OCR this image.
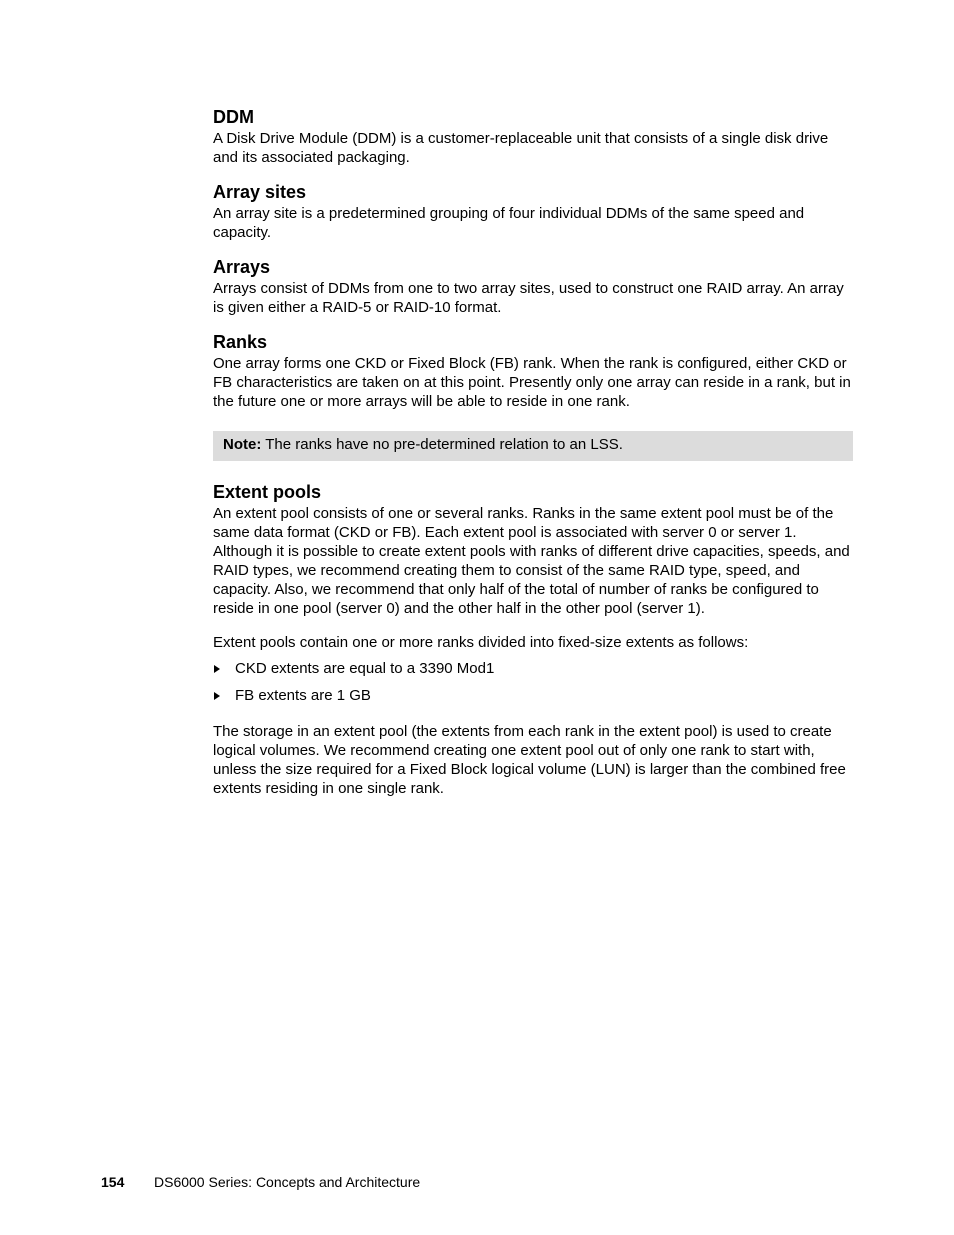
DDM

A Disk Drive Module (DDM) is a customer-replaceable unit that consists of a single disk drive and its associated packaging.

Array sites

An array site is a predetermined grouping of four individual DDMs of the same speed and capacity.

Arrays

Arrays consist of DDMs from one to two array sites, used to construct one RAID array. An array is given either a RAID-5 or RAID-10 format.

Ranks

One array forms one CKD or Fixed Block (FB) rank. When the rank is configured, either CKD or FB characteristics are taken on at this point. Presently only one array can reside in a rank, but in the future one or more arrays will be able to reside in one rank.

Note: The ranks have no pre-determined relation to an LSS.
Extent pools

An extent pool consists of one or several ranks. Ranks in the same extent pool must be of the same data format (CKD or FB). Each extent pool is associated with server 0 or server 1. Although it is possible to create extent pools with ranks of different drive capacities, speeds, and RAID types, we recommend creating them to consist of the same RAID type, speed, and capacity. Also, we recommend that only half of the total of number of ranks be configured to reside in one pool (server 0) and the other half in the other pool (server 1).

Extent pools contain one or more ranks divided into fixed-size extents as follows:

CKD extents are equal to a 3390 Mod1
FB extents are 1 GB

The storage in an extent pool (the extents from each rank in the extent pool) is used to create logical volumes. We recommend creating one extent pool out of only one rank to start with, unless the size required for a Fixed Block logical volume (LUN) is larger than the combined free extents residing in one single rank.

154 DS6000 Series: Concepts and Architecture
